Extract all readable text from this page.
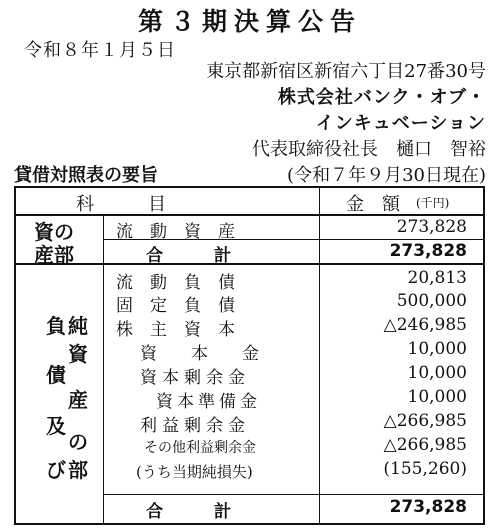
第３期決算公告
令和８年１月５日
東京都新宿区新宿六丁目27番30号
株式会社バンク・オブ・
インキュベーション
代表取締役社長　樋口　智裕
貸借対照表の要旨	(令和７年９月30日現在)
科　　　目	金　額 (千円)
資の
産部
流　動　資　産	273,828
合　　　計	273,828
負
債
及
び
純
資
産
の
部
流　動　負　債	20,813
固　定　負　債	500,000
株　主　資　本	△246,985
資　　本　　金	10,000
資本剰余金	10,000
資本準備金	10,000
利益剰余金	△266,985
その他利益剰余金	△266,985
(うち当期純損失)	(155,260)
合　　　計	273,828
